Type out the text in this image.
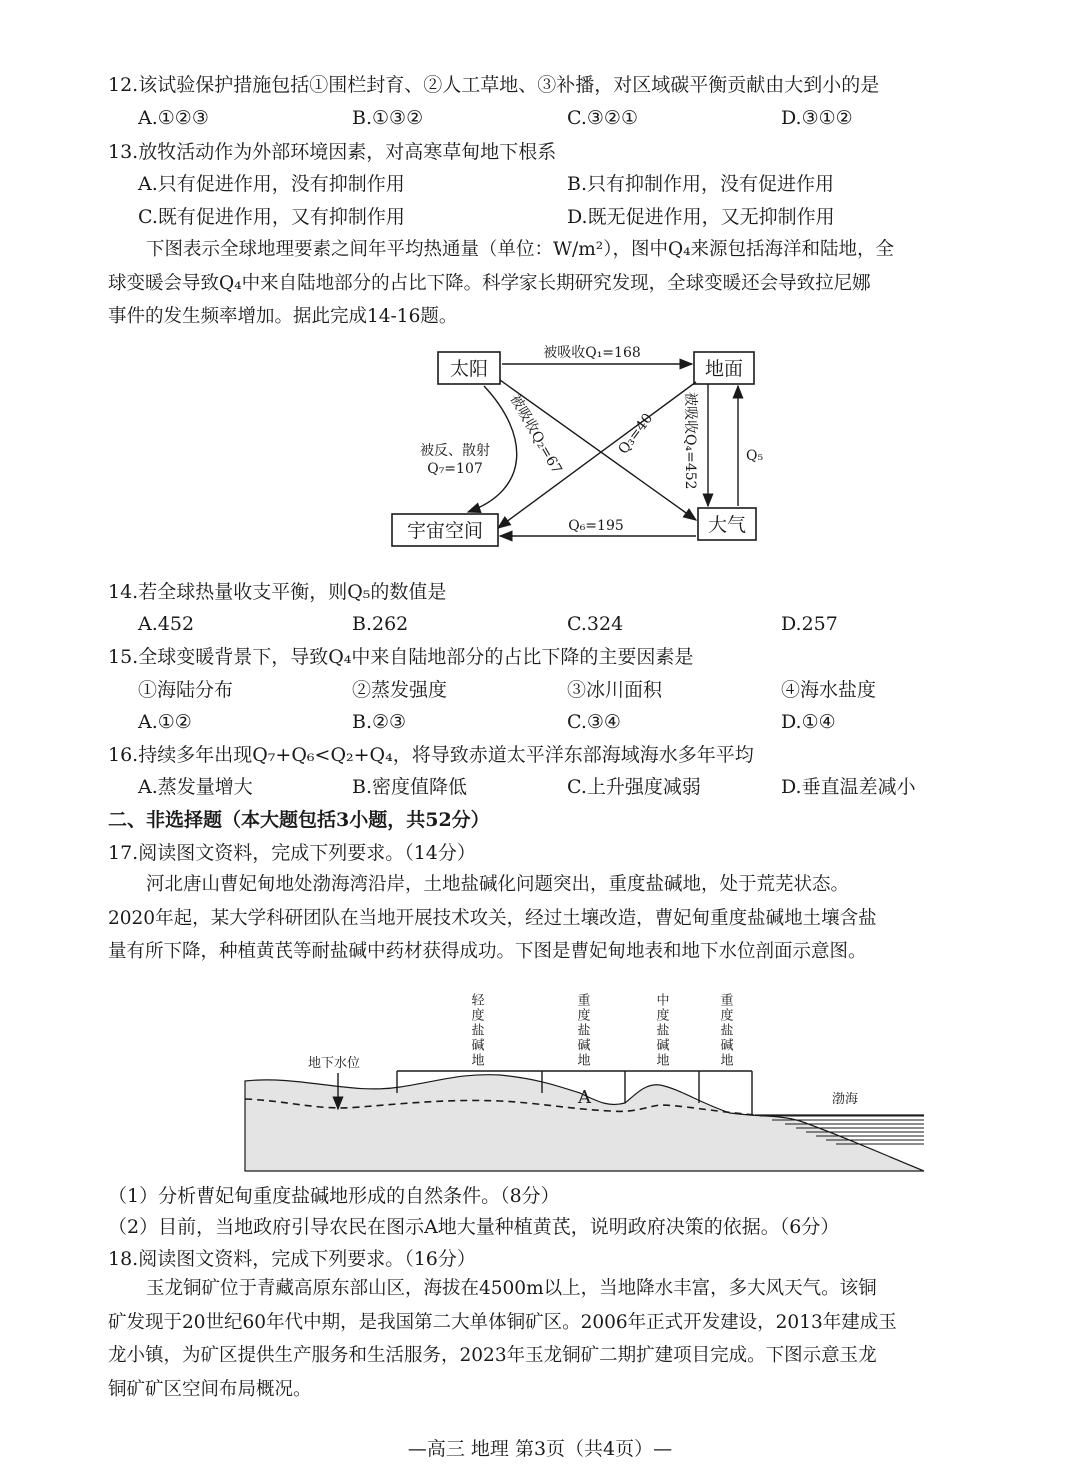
12.该试验保护措施包括①围栏封育、②人工草地、③补播，对区域碳平衡贡献由大到小的是
A.①②③	B.①③②	C.③②①	D.③①②
13.放牧活动作为外部环境因素，对高寒草甸地下根系
A.只有促进作用，没有抑制作用	B.只有抑制作用，没有促进作用
C.既有促进作用，又有抑制作用	D.既无促进作用，又无抑制作用
下图表示全球地理要素之间年平均热通量（单位：W/m²），图中Q₄来源包括海洋和陆地，全
球变暖会导致Q₄中来自陆地部分的占比下降。科学家长期研究发现，全球变暖还会导致拉尼娜
事件的发生频率增加。据此完成14-16题。
太阳	地面
宇宙空间	大气
被吸收Q₁=168
被吸收Q₂=67	Q₃=40 被吸收Q₄=452	Q₅
Q₆=195
被反、散射
Q₇=107
14.若全球热量收支平衡，则Q₅的数值是
A.452	B.262	C.324	D.257
15.全球变暖背景下，导致Q₄中来自陆地部分的占比下降的主要因素是
①海陆分布	②蒸发强度	③冰川面积	④海水盐度
A.①②	B.②③	C.③④	D.①④
16.持续多年出现Q₇+Q₆<Q₂+Q₄，将导致赤道太平洋东部海域海水多年平均
A.蒸发量增大	B.密度值降低	C.上升强度减弱	D.垂直温差减小
二、非选择题（本大题包括3小题，共52分）
17.阅读图文资料，完成下列要求。（14分）
河北唐山曹妃甸地处渤海湾沿岸，土地盐碱化问题突出，重度盐碱地，处于荒芜状态。
2020年起，某大学科研团队在当地开展技术攻关，经过土壤改造，曹妃甸重度盐碱地土壤含盐
量有所下降，种植黄芪等耐盐碱中药材获得成功。下图是曹妃甸地表和地下水位剖面示意图。
轻度盐碱地	重度盐碱地	中度盐碱地	重度盐碱地
地下水位
A	渤海
（1）分析曹妃甸重度盐碱地形成的自然条件。（8分）
（2）目前，当地政府引导农民在图示A地大量种植黄芪，说明政府决策的依据。（6分）
18.阅读图文资料，完成下列要求。（16分）
玉龙铜矿位于青藏高原东部山区，海拔在4500m以上，当地降水丰富，多大风天气。该铜
矿发现于20世纪60年代中期，是我国第二大单体铜矿区。2006年正式开发建设，2013年建成玉
龙小镇，为矿区提供生产服务和生活服务，2023年玉龙铜矿二期扩建项目完成。下图示意玉龙
铜矿矿区空间布局概况。
—高三 地理 第3页（共4页）—
